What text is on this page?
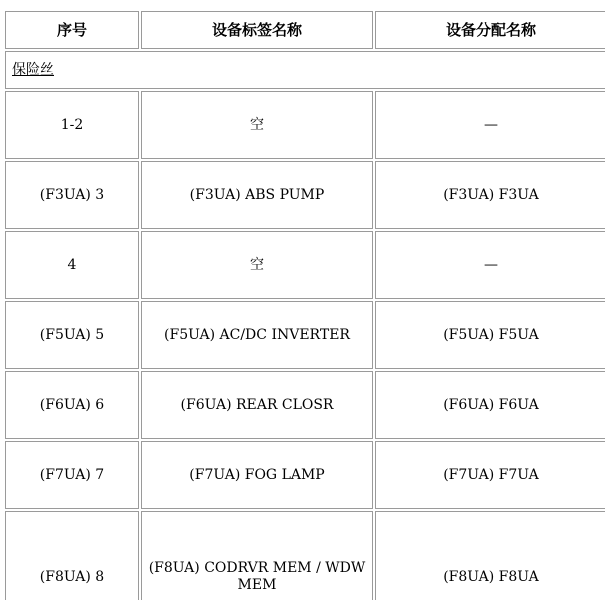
序号	设备标签名称	设备分配名称
保险丝		
1-2	空	—
(F3UA) 3	(F3UA) ABS PUMP	(F3UA) F3UA
4	空	—
(F5UA) 5	(F5UA) AC/DC INVERTER	(F5UA) F5UA
(F6UA) 6	(F6UA) REAR CLOSR	(F6UA) F6UA
(F7UA) 7	(F7UA) FOG LAMP	(F7UA) F7UA
(F8UA) 8	(F8UA) CODRVR MEM / WDW MEM	(F8UA) F8UA
